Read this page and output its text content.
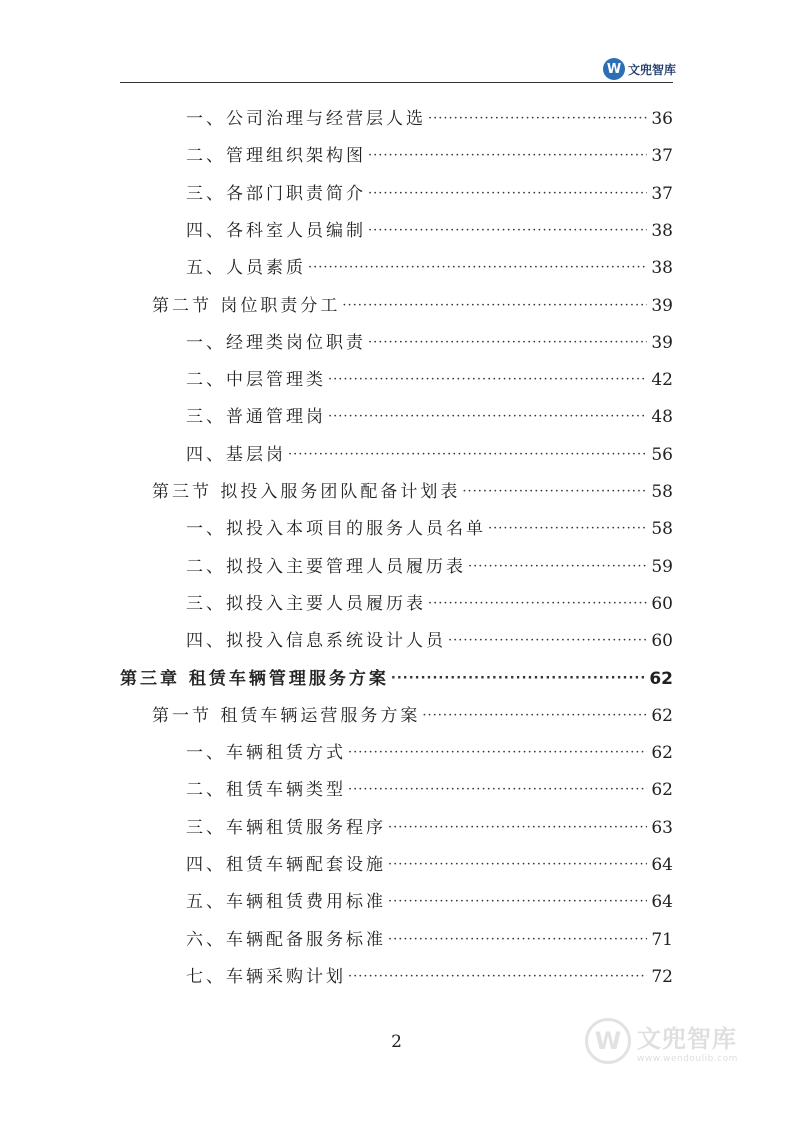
W 文兜智库
一、公司治理与经营层人选 ·····	36
二、管理组织架构图 ·····	37
三、各部门职责简介 ·····	37
四、各科室人员编制 ·····	38
五、人员素质 ·····	38
第二节 岗位职责分工 ·····	39
一、经理类岗位职责 ·····	39
二、中层管理类 ·····	42
三、普通管理岗 ·····	48
四、基层岗 ·····	56
第三节 拟投入服务团队配备计划表 ·····	58
一、拟投入本项目的服务人员名单 ·····	58
二、拟投入主要管理人员履历表 ·····	59
三、拟投入主要人员履历表 ·····	60
四、拟投入信息系统设计人员 ·····	60
第三章 租赁车辆管理服务方案 ·····	62
第一节 租赁车辆运营服务方案 ·····	62
一、车辆租赁方式 ·····	62
二、租赁车辆类型 ·····	62
三、车辆租赁服务程序 ·····	63
四、租赁车辆配套设施 ·····	64
五、车辆租赁费用标准 ·····	64
六、车辆配备服务标准 ·····	71
七、车辆采购计划 ·····	72
2	W 文兜智库
www.wendoulib.com
